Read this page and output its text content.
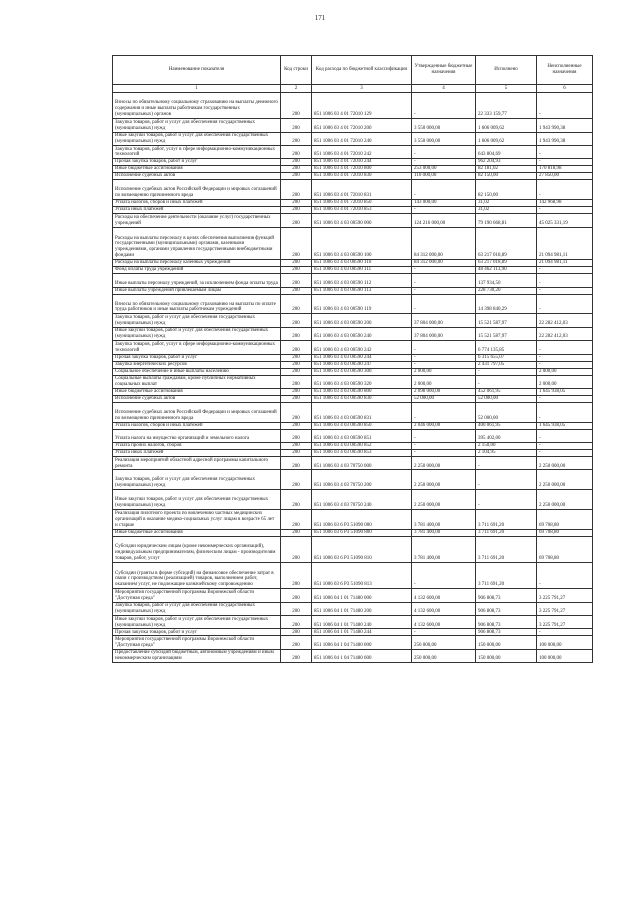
171
Наименование показателя	Код строки	Код расхода по бюджетной классификации	Утвержденные бюджетные назначения	Исполнено	Неисполненные назначения
1	2	3	4	5	6
Взносы по обязательному социальному страхованию на выплаты денежного содержания и иные выплаты работникам государственных (муниципальных) органов	200	851 1006 03 4 01 72010 129	-	22 333 159,77	-
Закупка товаров, работ и услуг для обеспечения государственных (муниципальных) нужд	200	851 1006 03 4 01 72010 200	3 550 000,00	1 606 009,62	1 943 990,38
Иные закупки товаров, работ и услуг для обеспечения государственных (муниципальных) нужд	200	851 1006 03 4 01 72010 240	3 550 000,00	1 606 009,62	1 943 990,38
Закупка товаров, работ, услуг в сфере информационно-коммуникационных технологий	200	851 1006 03 4 01 72010 242	-	643 804,69	-
Прочая закупка товаров, работ и услуг	200	851 1006 03 4 01 72010 244	-	962 204,93	-
Иные бюджетные ассигнования	200	851 1006 03 4 01 72010 800	253 000,00	82 181,02	170 818,98
Исполнение судебных актов	200	851 1006 03 4 01 72010 830	110 000,00	82 150,00	27 850,00
Исполнение судебных актов Российской Федерации и мировых соглашений по возмещению причиненного вреда	200	851 1006 03 4 01 72010 831	-	82 150,00	-
Уплата налогов, сборов и иных платежей	200	851 1006 03 4 01 72010 850	143 000,00	31,02	142 968,98
Уплата иных платежей	200	851 1006 03 4 01 72010 853	-	31,02	-
Расходы на обеспечение деятельности (оказание услуг) государственных учреждений	200	851 1006 03 4 03 00590 000	124 216 000,00	79 190 668,81	45 025 331,19
Расходы на выплаты персоналу в целях обеспечения выполнения функций государственными (муниципальными) органами, казенными учреждениями, органами управления государственными внебюджетными фондами	200	851 1006 03 4 03 00590 100	84 312 000,00	63 217 018,89	21 094 981,11
Расходы на выплаты персоналу казенных учреждений	200	851 1006 03 4 03 00590 110	84 312 000,00	63 217 018,89	21 094 981,11
Фонд оплаты труда учреждений	200	851 1006 03 4 03 00590 111	-	48 462 113,90	-
Иные выплаты персоналу учреждений, за исключением фонда оплаты труда	200	851 1006 03 4 03 00590 112	-	137 934,50	-
Иные выплаты учреждений привлекаемым лицам	200	851 1006 03 4 03 00590 113	-	228 730,20	-
Взносы по обязательному социальному страхованию на выплаты по оплате труда работников и иные выплаты работникам учреждений	200	851 1006 03 4 03 00590 119	-	14 398 840,29	-
Закупка товаров, работ и услуг для обеспечения государственных (муниципальных) нужд	200	851 1006 03 4 03 00590 200	37 804 000,00	15 521 587,97	22 282 412,03
Иные закупки товаров, работ и услуг для обеспечения государственных (муниципальных) нужд	200	851 1006 03 4 03 00590 240	37 804 000,00	15 521 587,97	22 282 412,03
Закупка товаров, работ, услуг в сфере информационно-коммуникационных технологий	200	851 1006 03 4 03 00590 242	-	6 774 135,85	-
Прочая закупка товаров, работ и услуг	200	851 1006 03 4 03 00590 244	-	6 315 655,07	-
Закупка энергетических ресурсов	200	851 1006 03 4 03 00590 247	-	2 431 797,05	-
Социальное обеспечение и иные выплаты населению	200	851 1006 03 4 03 00590 300	2 000,00	-	2 000,00
Социальные выплаты гражданам, кроме публичных нормативных социальных выплат	200	851 1006 03 4 03 00590 320	2 000,00	-	2 000,00
Иные бюджетные ассигнования	200	851 1006 03 4 03 00590 800	2 098 000,00	452 061,95	1 645 938,05
Исполнение судебных актов	200	851 1006 03 4 03 00590 830	52 000,00	52 000,00	-
Исполнение судебных актов Российской Федерации и мировых соглашений по возмещению причиненного вреда	200	851 1006 03 4 03 00590 831	-	52 000,00	-
Уплата налогов, сборов и иных платежей	200	851 1006 03 4 03 00590 850	2 046 000,00	400 061,95	1 645 938,05
Уплата налога на имущество организаций и земельного налога	200	851 1006 03 4 03 00590 851	-	395 402,00	-
Уплата прочих налогов, сборов	200	851 1006 03 4 03 00590 852	-	2 150,00	-
Уплата иных платежей	200	851 1006 03 4 03 00590 853	-	2 104,95	-
Реализация мероприятий областной адресной программы капитального ремонта	200	851 1006 03 4 03 70750 000	2 250 000,00	-	2 250 000,00
Закупка товаров, работ и услуг для обеспечения государственных (муниципальных) нужд	200	851 1006 03 4 03 70750 200	2 250 000,00	-	2 250 000,00
Иные закупки товаров, работ и услуг для обеспечения государственных (муниципальных) нужд	200	851 1006 03 4 03 70750 240	2 250 000,00	-	2 250 000,00
Реализация пилотного проекта по вовлечению частных медицинских организаций в оказание медико-социальных услуг лицам в возрасте 65 лет и старше	200	851 1006 03 6 Р3 51090 000	3 781 400,00	3 711 691,20	69 708,80
Иные бюджетные ассигнования	200	851 1006 03 6 Р3 51090 800	3 781 400,00	3 711 691,20	69 708,80
Субсидии юридическим лицам (кроме некоммерческих организаций), индивидуальным предпринимателям, физическим лицам - производителям товаров, работ, услуг	200	851 1006 03 6 Р3 51090 810	3 781 400,00	3 711 691,20	69 708,80
Субсидии (гранты в форме субсидий) на финансовое обеспечение затрат в связи с производством (реализацией) товаров, выполнением работ, оказанием услуг, не подлежащие казначейскому сопровождению	200	851 1006 03 6 Р3 51090 813	-	3 711 691,20	-
Мероприятия государственной программы Воронежской области "Доступная среда"	200	851 1006 04 1 01 71480 000	4 132 600,00	906 808,73	3 225 791,27
Закупка товаров, работ и услуг для обеспечения государственных (муниципальных) нужд	200	851 1006 04 1 01 71480 200	4 132 600,00	906 808,73	3 225 791,27
Иные закупки товаров, работ и услуг для обеспечения государственных (муниципальных) нужд	200	851 1006 04 1 01 71480 240	4 132 600,00	906 808,73	3 225 791,27
Прочая закупка товаров, работ и услуг	200	851 1006 04 1 01 71480 244	-	906 808,73	-
Мероприятия государственной программы Воронежской области "Доступная среда"	200	851 1006 04 1 04 71480 000	250 000,00	150 000,00	100 000,00
Предоставление субсидий бюджетным, автономным учреждениям и иным некоммерческим организациям	200	851 1006 04 1 04 71480 600	250 000,00	150 000,00	100 000,00
